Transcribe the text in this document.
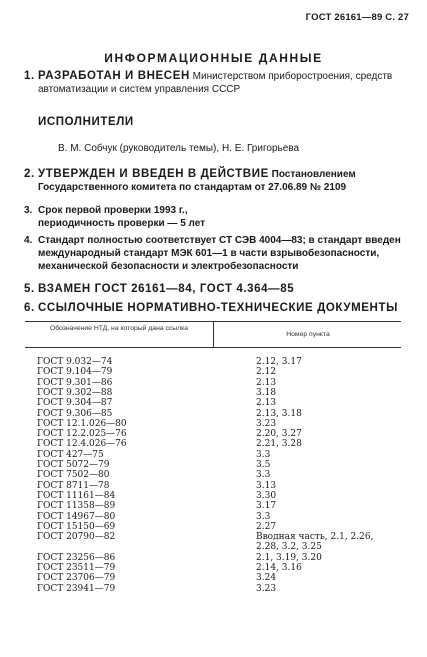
ГОСТ 26161—89 С. 27
ИНФОРМАЦИОННЫЕ ДАННЫЕ
1. РАЗРАБОТАН И ВНЕСЕН Министерством приборостроения, средств автоматизации и систем управления СССР
ИСПОЛНИТЕЛИ
В. М. Собчук (руководитель темы), Н. Е. Григорьева
2. УТВЕРЖДЕН И ВВЕДЕН В ДЕЙСТВИЕ Постановлением Государственного комитета по стандартам от 27.06.89 № 2109
3. Срок первой проверки 1993 г.,
периодичность проверки — 5 лет
4. Стандарт полностью соответствует СТ СЭВ 4004—83; в стандарт введен международный стандарт МЭК 601—1 в части взрывобезопасности, механической безопасности и электробезопасности
5. ВЗАМЕН ГОСТ 26161—84, ГОСТ 4.364—85
6. ССЫЛОЧНЫЕ НОРМАТИВНО-ТЕХНИЧЕСКИЕ ДОКУМЕНТЫ
Обозначение НТД, на который дана ссылка
Номер пункта
ГОСТ 9.032—74	2.12, 3.17
ГОСТ 9.104—79	2.12
ГОСТ 9.301—86	2.13
ГОСТ 9.302—88	3.18
ГОСТ 9.304—87	2.13
ГОСТ 9.306—85	2.13, 3.18
ГОСТ 12.1.026—80	3.23
ГОСТ 12.2.025—76	2.20, 3.27
ГОСТ 12.4.026—76	2.21, 3.28
ГОСТ 427—75	3.3
ГОСТ 5072—79	3.5
ГОСТ 7502—80	3.3
ГОСТ 8711—78	3.13
ГОСТ 11161—84	3.30
ГОСТ 11358—89	3.17
ГОСТ 14967—80	3.3
ГОСТ 15150—69	2.27
ГОСТ 20790—82	Вводная часть, 2.1, 2.26,
2.28, 3.2, 3.25
ГОСТ 23256—86	2.1, 3.19, 3.20
ГОСТ 23511—79	2.14, 3.16
ГОСТ 23706—79	3.24
ГОСТ 23941—79	3.23
